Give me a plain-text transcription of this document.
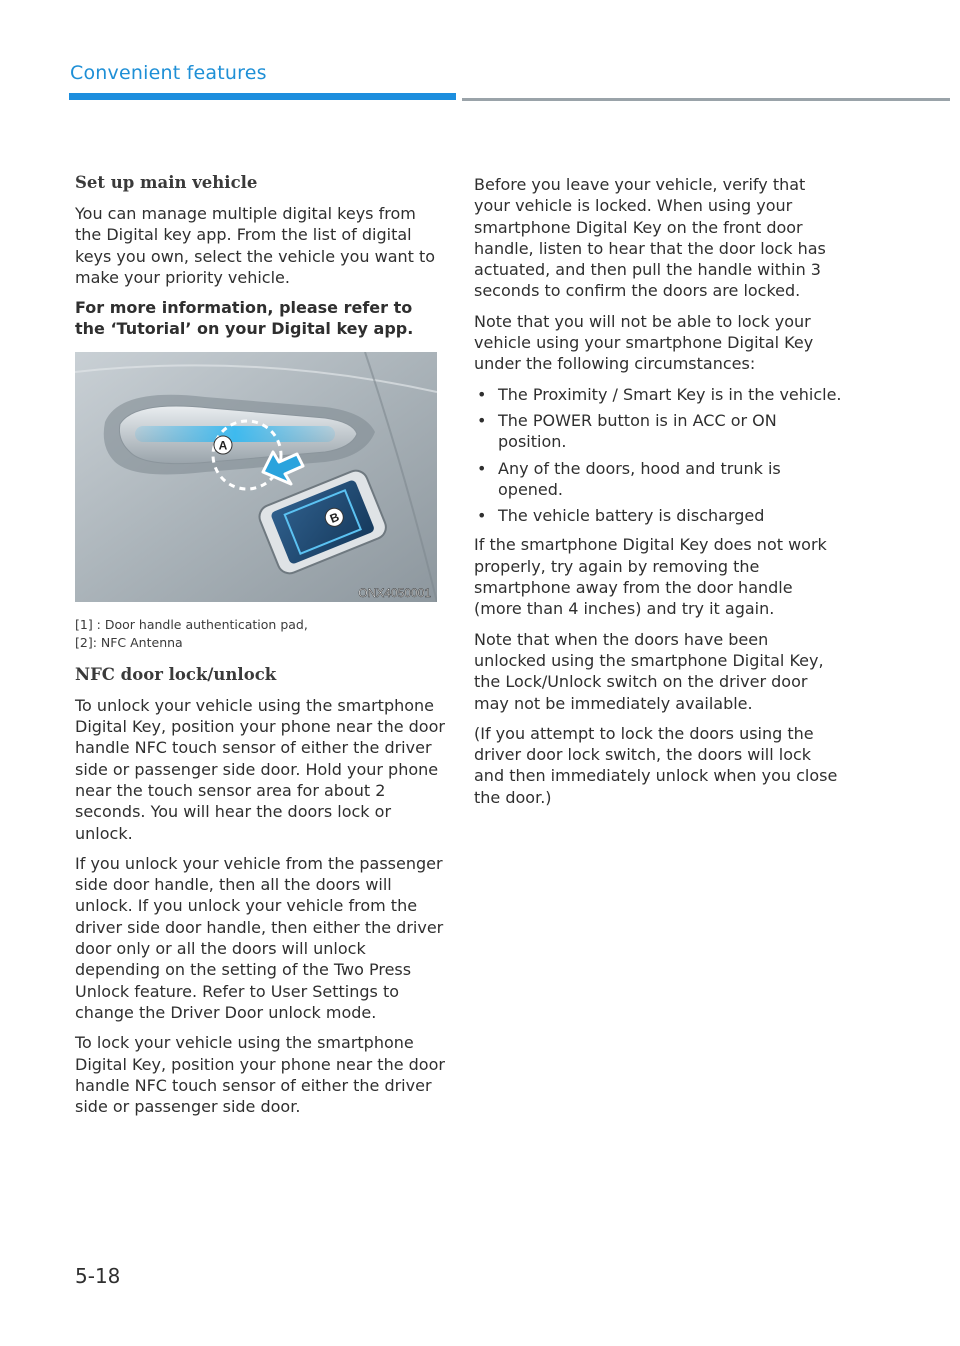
Convenient features
Set up main vehicle

You can manage multiple digital keys from the Digital key app. From the list of digital keys you own, select the vehicle you want to make your priority vehicle.

For more information, please refer to the ‘Tutorial’ on your Digital key app.

A
B
ONX4050001
[1] : Door handle authentication pad,
[2]: NFC Antenna
NFC door lock/unlock

To unlock your vehicle using the smartphone Digital Key, position your phone near the door handle NFC touch sensor of either the driver side or passenger side door. Hold your phone near the touch sensor area for about 2 seconds. You will hear the doors lock or unlock.

If you unlock your vehicle from the passenger side door handle, then all the doors will unlock. If you unlock your vehicle from the driver side door handle, then either the driver door only or all the doors will unlock depending on the setting of the Two Press Unlock feature. Refer to User Settings to change the Driver Door unlock mode.

To lock your vehicle using the smartphone Digital Key, position your phone near the door handle NFC touch sensor of either the driver side or passenger side door.

Before you leave your vehicle, verify that your vehicle is locked. When using your smartphone Digital Key on the front door handle, listen to hear that the door lock has actuated, and then pull the handle within 3 seconds to confirm the doors are locked.

Note that you will not be able to lock your vehicle using your smartphone Digital Key under the following circumstances:

• The Proximity / Smart Key is in the vehicle.
• The POWER button is in ACC or ON position.
• Any of the doors, hood and trunk is opened.
• The vehicle battery is discharged

If the smartphone Digital Key does not work properly, try again by removing the smartphone away from the door handle (more than 4 inches) and try it again.

Note that when the doors have been unlocked using the smartphone Digital Key, the Lock/Unlock switch on the driver door may not be immediately available.

(If you attempt to lock the doors using the driver door lock switch, the doors will lock and then immediately unlock when you close the door.)

5-18
